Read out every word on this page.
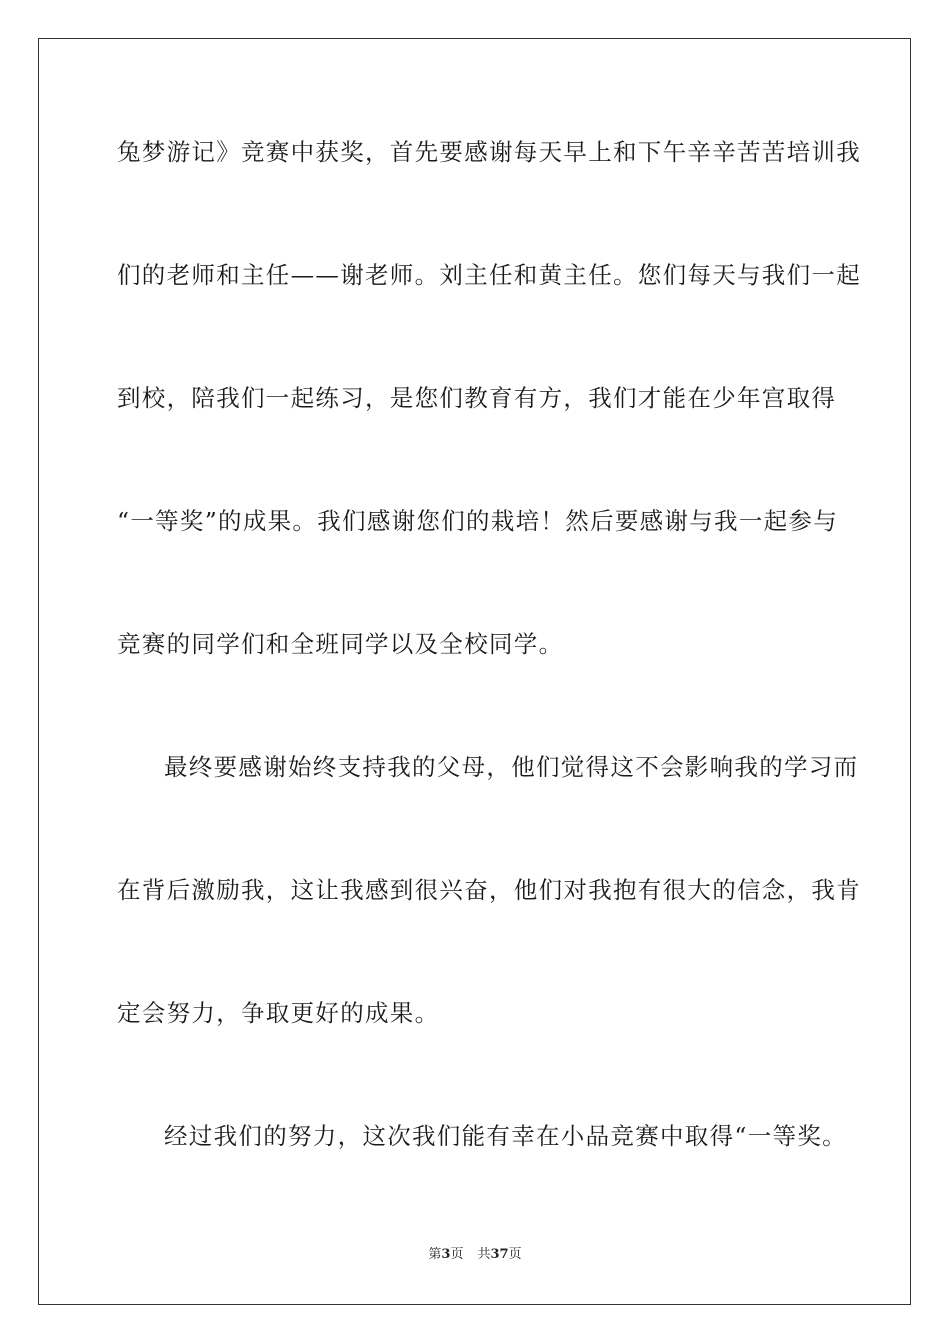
兔梦游记》竞赛中获奖，首先要感谢每天早上和下午辛辛苦苦培训我
们的老师和主任——谢老师。刘主任和黄主任。您们每天与我们一起
到校，陪我们一起练习，是您们教育有方，我们才能在少年宫取得
“一等奖”的成果。我们感谢您们的栽培！然后要感谢与我一起参与
竞赛的同学们和全班同学以及全校同学。
最终要感谢始终支持我的父母，他们觉得这不会影响我的学习而
在背后激励我，这让我感到很兴奋，他们对我抱有很大的信念，我肯
定会努力，争取更好的成果。
经过我们的努力，这次我们能有幸在小品竞赛中取得“一等奖。
第3页 共37页
